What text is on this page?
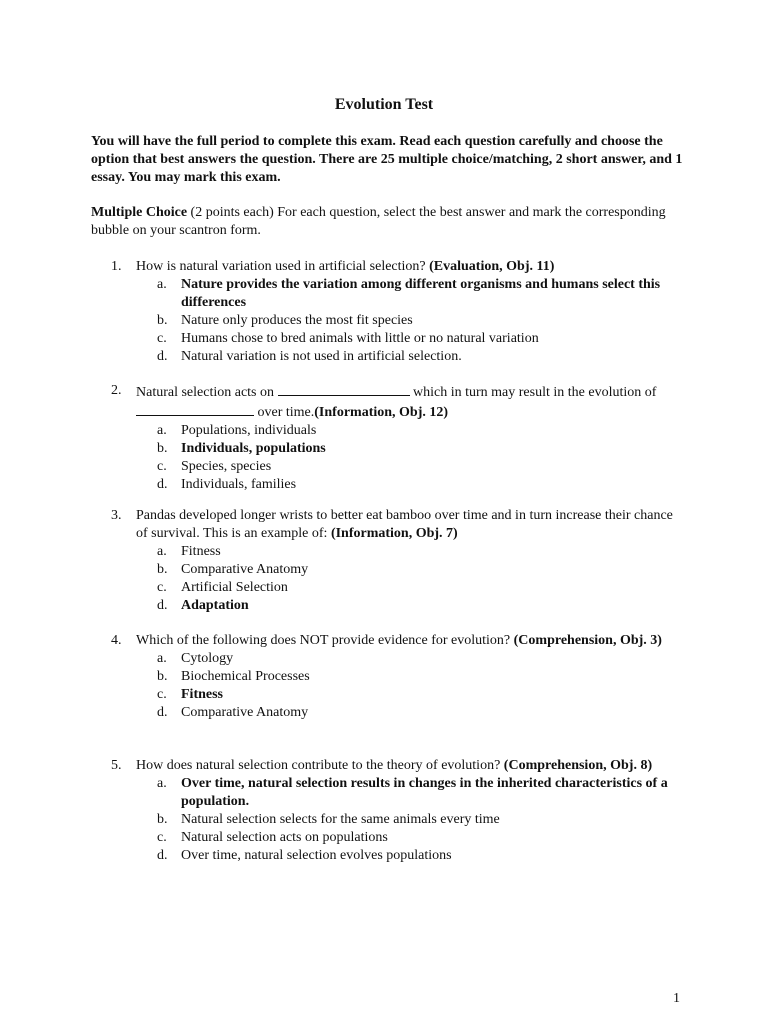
Evolution Test
You will have the full period to complete this exam. Read each question carefully and choose the option that best answers the question. There are 25 multiple choice/matching, 2 short answer, and 1 essay. You may mark this exam.
Multiple Choice (2 points each) For each question, select the best answer and mark the corresponding bubble on your scantron form.
1.	How is natural variation used in artificial selection? (Evaluation, Obj. 11)
a. Nature provides the variation among different organisms and humans select this differences
b. Nature only produces the most fit species
c. Humans chose to bred animals with little or no natural variation
d. Natural variation is not used in artificial selection.
2.	Natural selection acts on	which in turn may result in the evolution of over time.(Information, Obj. 12)
a. Populations, individuals
b. Individuals, populations
c. Species, species
d. Individuals, families
3.	Pandas developed longer wrists to better eat bamboo over time and in turn increase their chance of survival. This is an example of: (Information, Obj. 7)
a. Fitness
b. Comparative Anatomy
c. Artificial Selection
d. Adaptation
4.	Which of the following does NOT provide evidence for evolution? (Comprehension, Obj. 3)
a. Cytology
b. Biochemical Processes
c. Fitness
d. Comparative Anatomy
5.	How does natural selection contribute to the theory of evolution? (Comprehension, Obj. 8)
a. Over time, natural selection results in changes in the inherited characteristics of a population.
b. Natural selection selects for the same animals every time
c. Natural selection acts on populations
d. Over time, natural selection evolves populations
1
